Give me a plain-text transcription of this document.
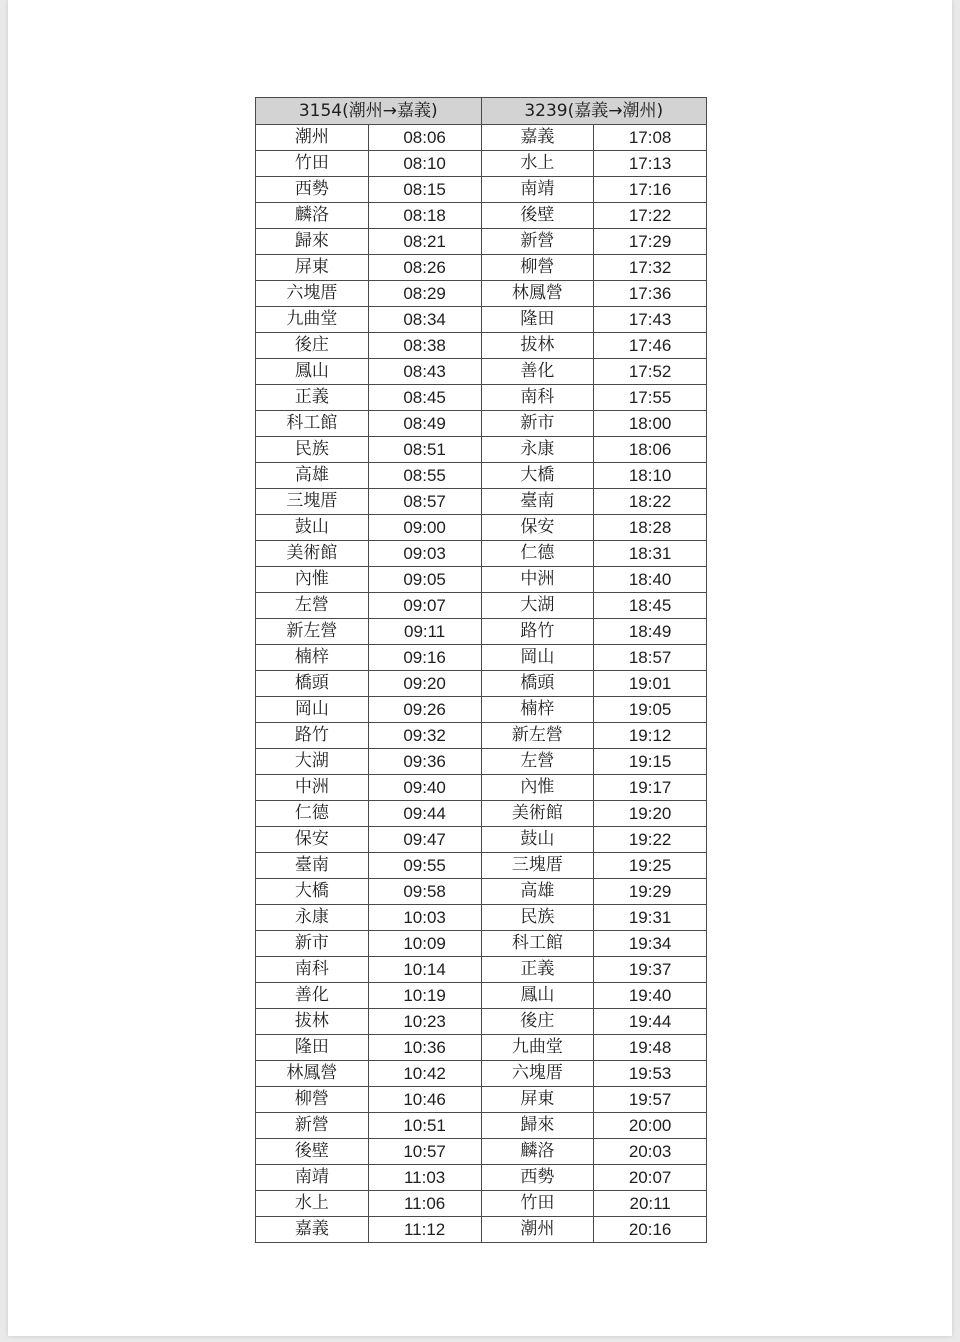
3154(潮州→嘉義)		3239(嘉義→潮州)	
潮州	08:06	嘉義	17:08
竹田	08:10	水上	17:13
西勢	08:15	南靖	17:16
麟洛	08:18	後壁	17:22
歸來	08:21	新營	17:29
屏東	08:26	柳營	17:32
六塊厝	08:29	林鳳營	17:36
九曲堂	08:34	隆田	17:43
後庄	08:38	拔林	17:46
鳳山	08:43	善化	17:52
正義	08:45	南科	17:55
科工館	08:49	新市	18:00
民族	08:51	永康	18:06
高雄	08:55	大橋	18:10
三塊厝	08:57	臺南	18:22
鼓山	09:00	保安	18:28
美術館	09:03	仁德	18:31
內惟	09:05	中洲	18:40
左營	09:07	大湖	18:45
新左營	09:11	路竹	18:49
楠梓	09:16	岡山	18:57
橋頭	09:20	橋頭	19:01
岡山	09:26	楠梓	19:05
路竹	09:32	新左營	19:12
大湖	09:36	左營	19:15
中洲	09:40	內惟	19:17
仁德	09:44	美術館	19:20
保安	09:47	鼓山	19:22
臺南	09:55	三塊厝	19:25
大橋	09:58	高雄	19:29
永康	10:03	民族	19:31
新市	10:09	科工館	19:34
南科	10:14	正義	19:37
善化	10:19	鳳山	19:40
拔林	10:23	後庄	19:44
隆田	10:36	九曲堂	19:48
林鳳營	10:42	六塊厝	19:53
柳營	10:46	屏東	19:57
新營	10:51	歸來	20:00
後壁	10:57	麟洛	20:03
南靖	11:03	西勢	20:07
水上	11:06	竹田	20:11
嘉義	11:12	潮州	20:16
